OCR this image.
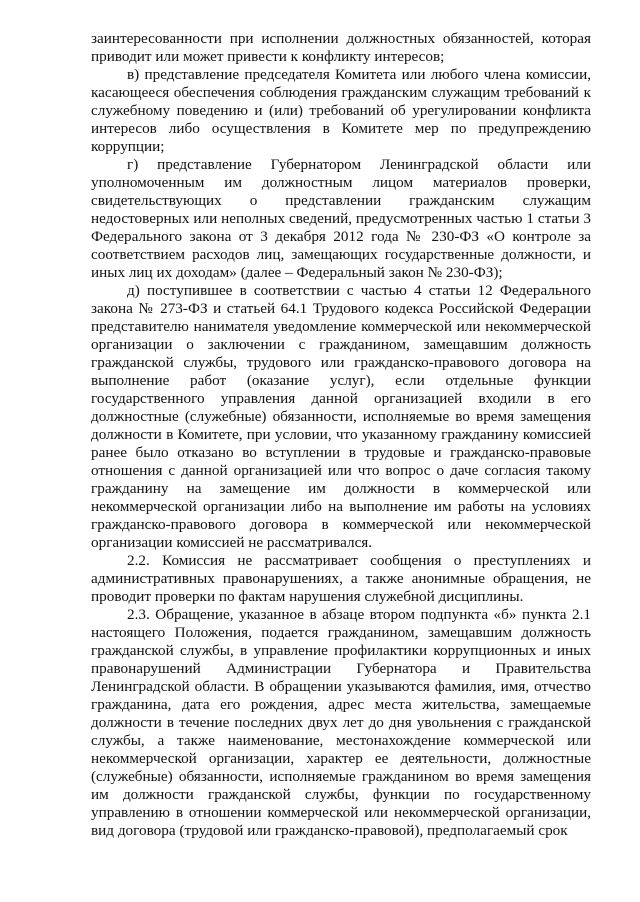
заинтересованности при исполнении должностных обязанностей, которая приводит или может привести к конфликту интересов;

в) представление председателя Комитета или любого члена комиссии, касающееся обеспечения соблюдения гражданским служащим требований к служебному поведению и (или) требований об урегулировании конфликта интересов либо осуществления в Комитете мер по предупреждению коррупции;

г) представление Губернатором Ленинградской области или уполномоченным им должностным лицом материалов проверки, свидетельствующих о представлении гражданским служащим недостоверных или неполных сведений, предусмотренных частью 1 статьи 3 Федерального закона от 3 декабря 2012 года № 230-ФЗ «О контроле за соответствием расходов лиц, замещающих государственные должности, и иных лиц их доходам» (далее – Федеральный закон № 230-ФЗ);

д) поступившее в соответствии с частью 4 статьи 12 Федерального закона № 273-ФЗ и статьей 64.1 Трудового кодекса Российской Федерации представителю нанимателя уведомление коммерческой или некоммерческой организации о заключении с гражданином, замещавшим должность гражданской службы, трудового или гражданско-правового договора на выполнение работ (оказание услуг), если отдельные функции государственного управления данной организацией входили в его должностные (служебные) обязанности, исполняемые во время замещения должности в Комитете, при условии, что указанному гражданину комиссией ранее было отказано во вступлении в трудовые и гражданско-правовые отношения с данной организацией или что вопрос о даче согласия такому гражданину на замещение им должности в коммерческой или некоммерческой организации либо на выполнение им работы на условиях гражданско-правового договора в коммерческой или некоммерческой организации комиссией не рассматривался.

2.2. Комиссия не рассматривает сообщения о преступлениях и административных правонарушениях, а также анонимные обращения, не проводит проверки по фактам нарушения служебной дисциплины.

2.3. Обращение, указанное в абзаце втором подпункта «б» пункта 2.1 настоящего Положения, подается гражданином, замещавшим должность гражданской службы, в управление профилактики коррупционных и иных правонарушений Администрации Губернатора и Правительства Ленинградской области. В обращении указываются фамилия, имя, отчество гражданина, дата его рождения, адрес места жительства, замещаемые должности в течение последних двух лет до дня увольнения с гражданской службы, а также наименование, местонахождение коммерческой или некоммерческой организации, характер ее деятельности, должностные (служебные) обязанности, исполняемые гражданином во время замещения им должности гражданской службы, функции по государственному управлению в отношении коммерческой или некоммерческой организации, вид договора (трудовой или гражданско-правовой), предполагаемый срок
